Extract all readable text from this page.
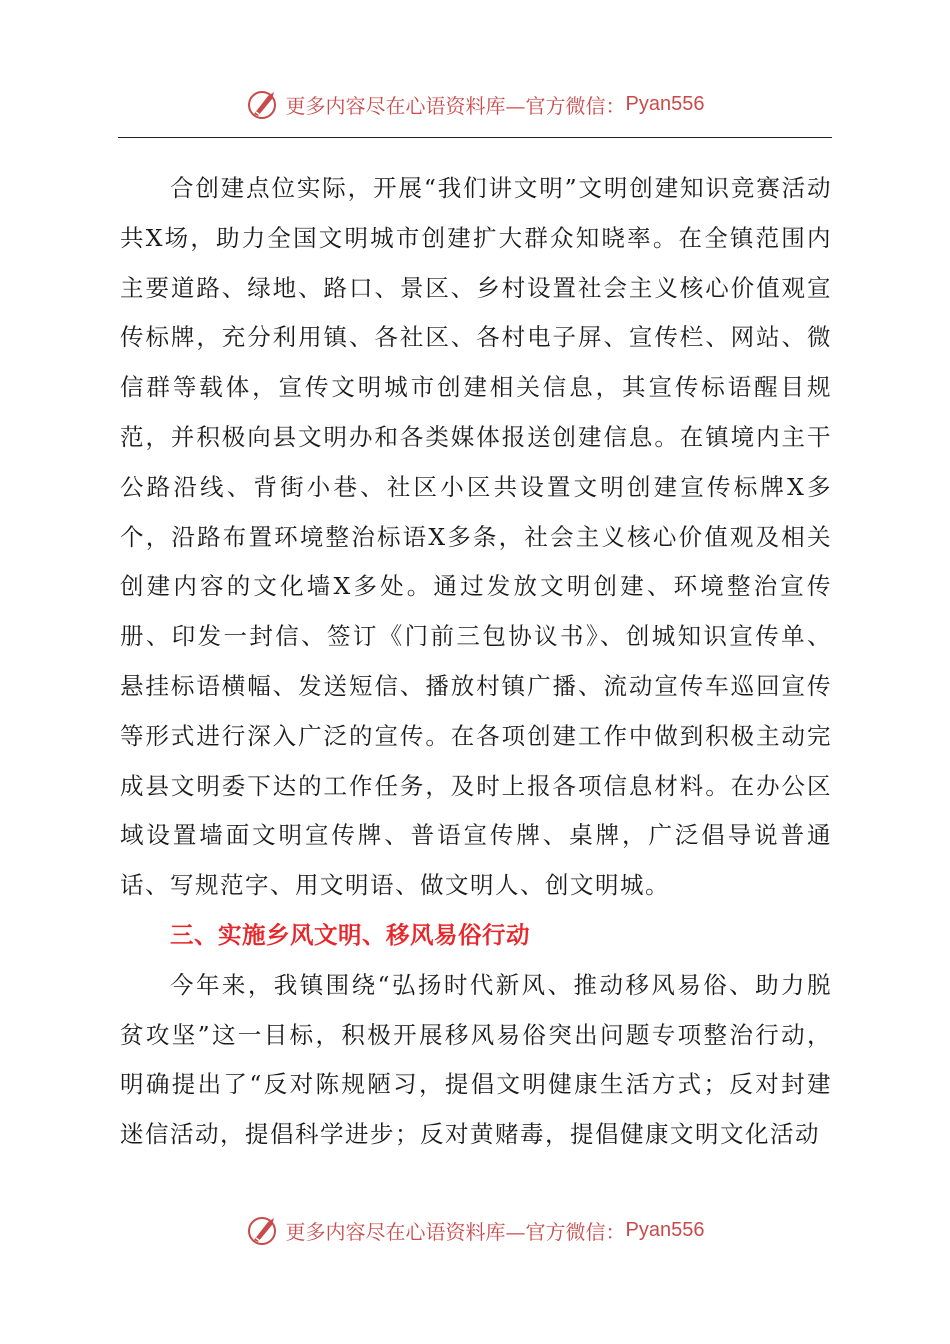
更多内容尽在心语资料库—官方微信： Pyan556

合创建点位实际，开展“我们讲文明”文明创建知识竞赛活动共X场，助力全国文明城市创建扩大群众知晓率。在全镇范围内主要道路、绿地、路口、景区、乡村设置社会主义核心价值观宣传标牌，充分利用镇、各社区、各村电子屏、宣传栏、网站、微信群等载体，宣传文明城市创建相关信息，其宣传标语醒目规范，并积极向县文明办和各类媒体报送创建信息。在镇境内主干公路沿线、背街小巷、社区小区共设置文明创建宣传标牌X多个，沿路布置环境整治标语X多条，社会主义核心价值观及相关创建内容的文化墙X多处。通过发放文明创建、环境整治宣传册、印发一封信、签订《门前三包协议书》、创城知识宣传单、悬挂标语横幅、发送短信、播放村镇广播、流动宣传车巡回宣传等形式进行深入广泛的宣传。在各项创建工作中做到积极主动完成县文明委下达的工作任务，及时上报各项信息材料。在办公区域设置墙面文明宣传牌、普语宣传牌、桌牌，广泛倡导说普通话、写规范字、用文明语、做文明人、创文明城。

三、实施乡风文明、移风易俗行动

今年来，我镇围绕“弘扬时代新风、推动移风易俗、助力脱贫攻坚”这一目标，积极开展移风易俗突出问题专项整治行动，明确提出了“反对陈规陋习，提倡文明健康生活方式；反对封建迷信活动，提倡科学进步；反对黄赌毒，提倡健康文明文化活动

更多内容尽在心语资料库—官方微信： Pyan556
